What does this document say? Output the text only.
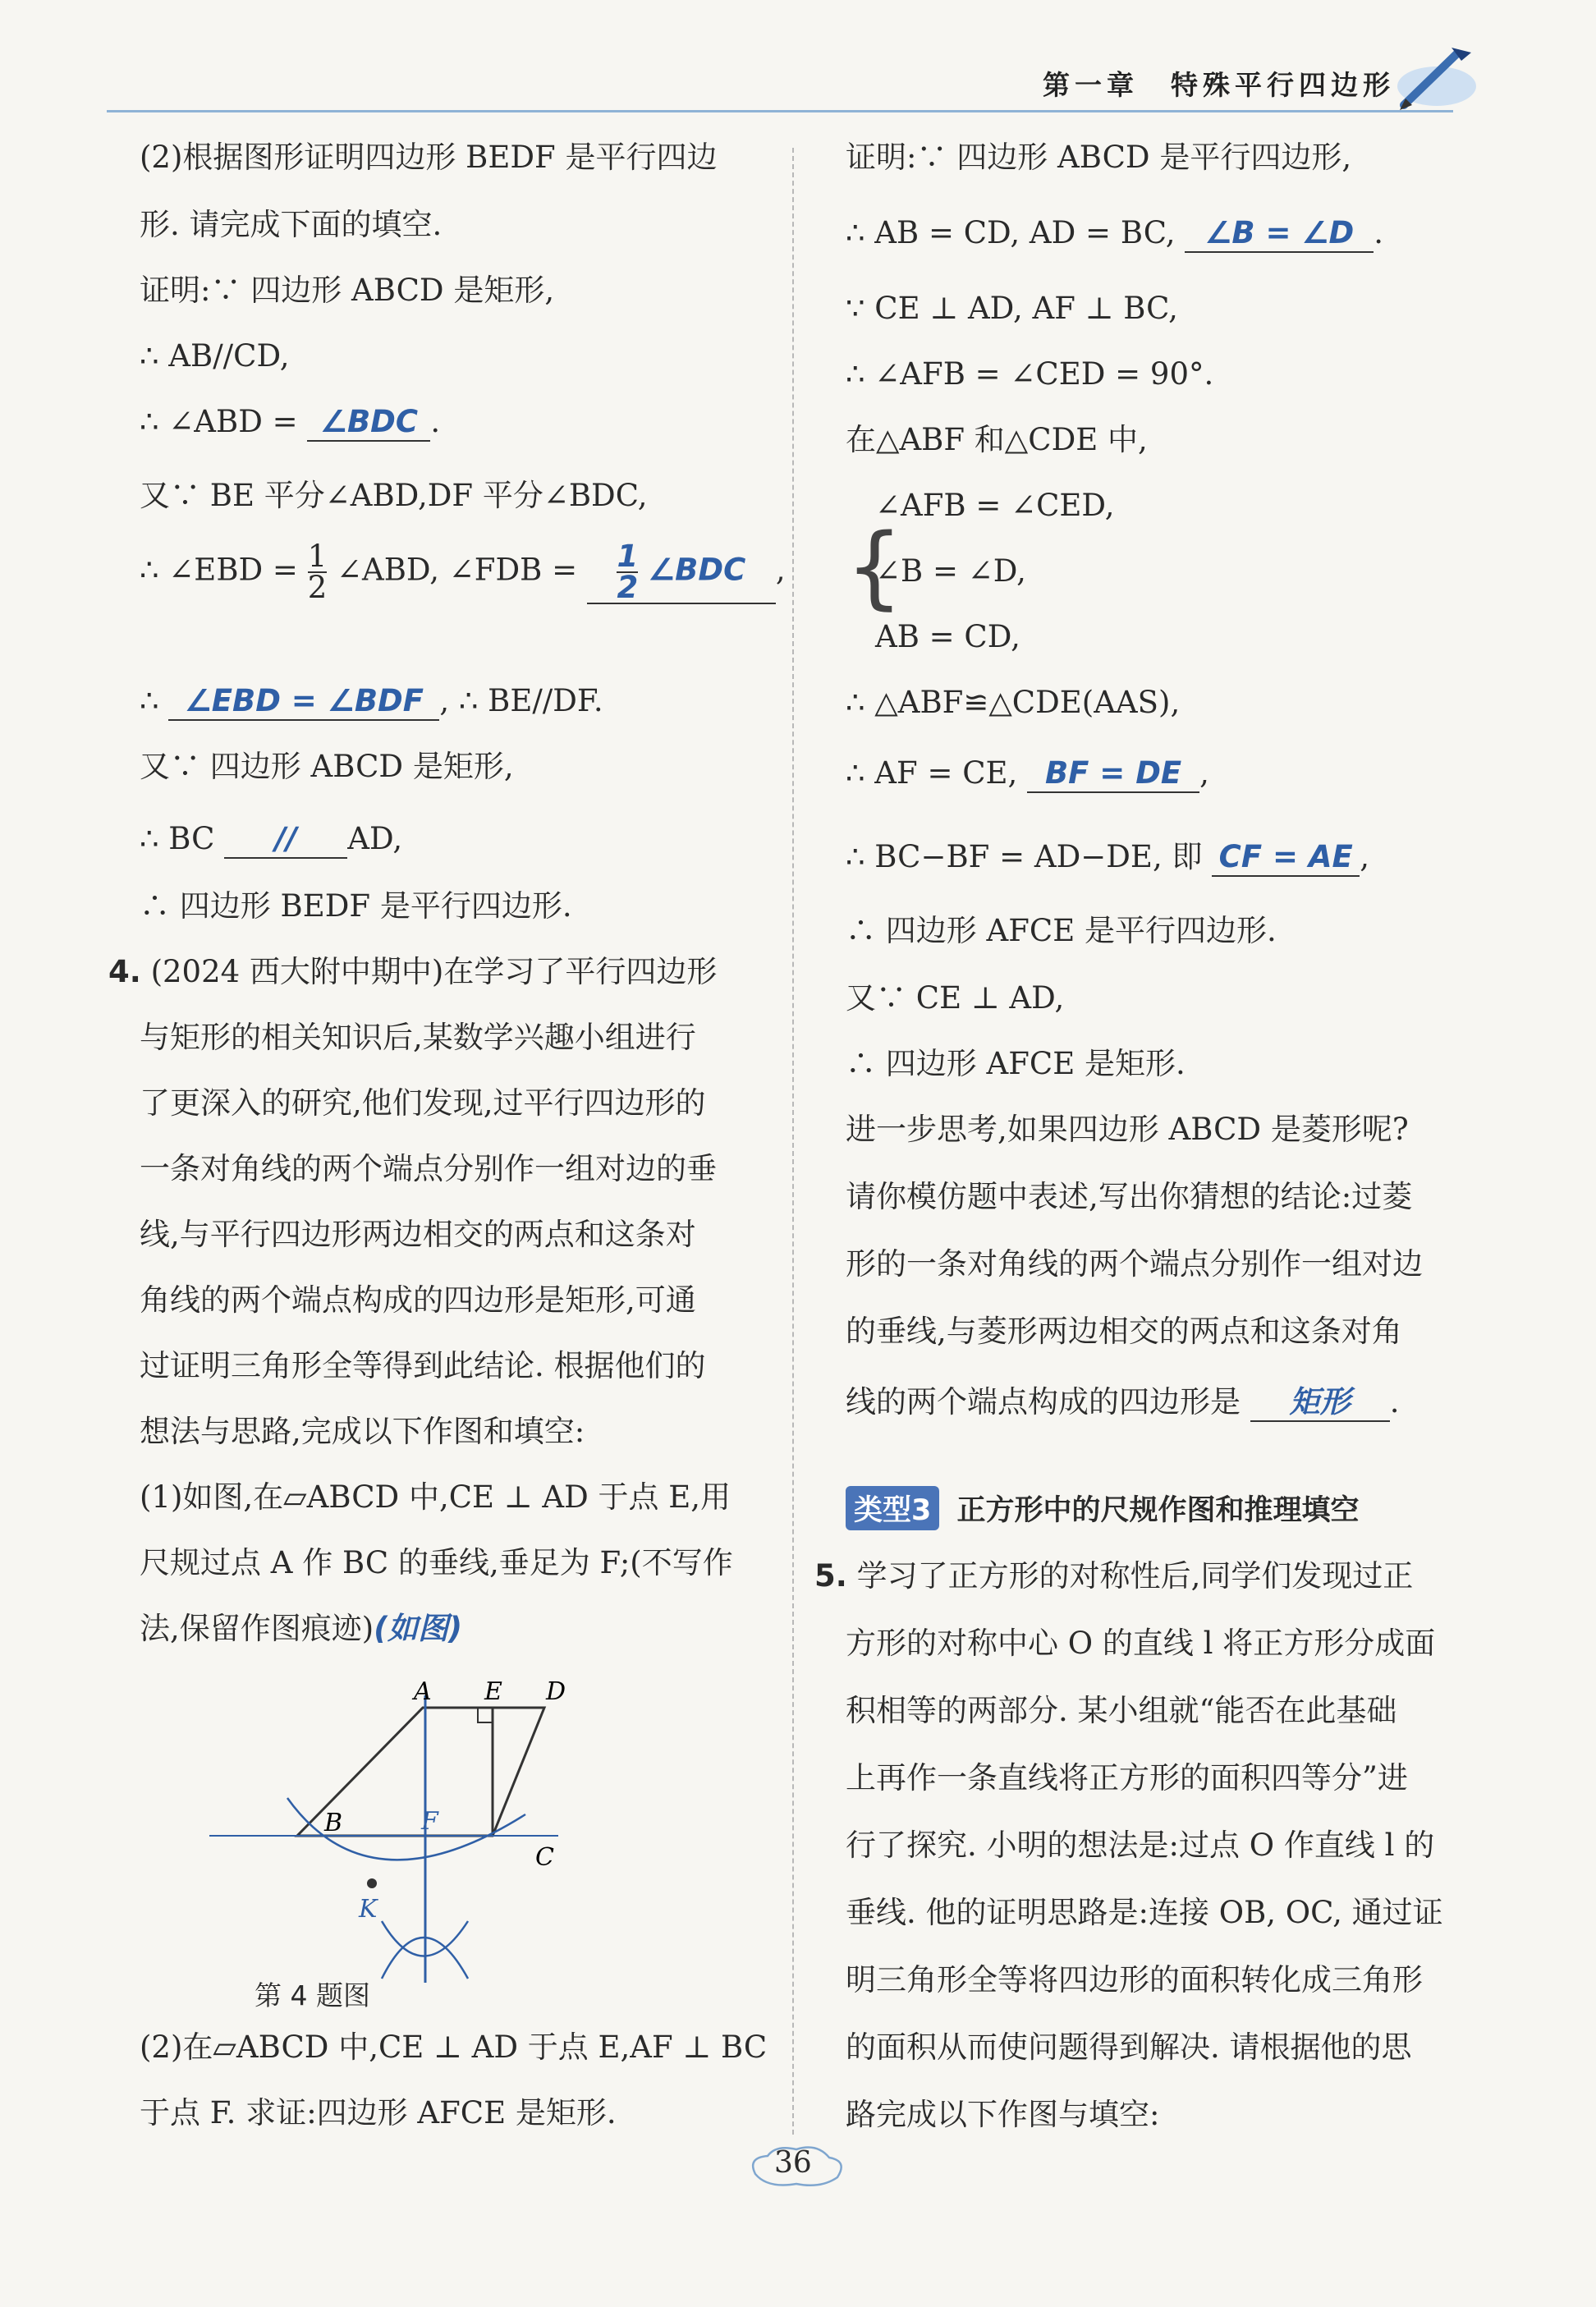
第一章　特殊平行四边形
(2)根据图形证明四边形 BEDF 是平行四边
形. 请完成下面的填空.
证明:∵ 四边形 ABCD 是矩形,
∴ AB//CD,
∴ ∠ABD = ∠BDC .
又∵ BE 平分∠ABD,DF 平分∠BDC,
∴ ∠EBD = $\frac{1}{2}$ ∠ABD, ∠FDB = $\frac{1}{2}$ ∠BDC ,
∴ ∠EBD = ∠BDF , ∴ BE//DF.
又∵ 四边形 ABCD 是矩形,
∴ BC // AD,
∴ 四边形 BEDF 是平行四边形.
4. (2024 西大附中期中)在学习了平行四边形
与矩形的相关知识后,某数学兴趣小组进行
了更深入的研究,他们发现,过平行四边形的
一条对角线的两个端点分别作一组对边的垂
线,与平行四边形两边相交的两点和这条对
角线的两个端点构成的四边形是矩形,可通
过证明三角形全等得到此结论. 根据他们的
想法与思路,完成以下作图和填空:
(1)如图,在▱ABCD 中,CE ⊥ AD 于点 E,用
尺规过点 A 作 BC 的垂线,垂足为 F;(不写作
法,保留作图痕迹)(如图)
(2)在▱ABCD 中,CE ⊥ AD 于点 E,AF ⊥ BC
于点 F. 求证:四边形 AFCE 是矩形.
A E D
B	F
C
K
第 4 题图
证明:∵ 四边形 ABCD 是平行四边形,
∴ AB = CD, AD = BC, ∠B = ∠D .
∵ CE ⊥ AD, AF ⊥ BC,
∴ ∠AFB = ∠CED = 90°.
在△ABF 和△CDE 中,
{
∠AFB = ∠CED,
∠B = ∠D,
AB = CD,
∴ △ABF≌△CDE(AAS),
∴ AF = CE, BF = DE ,
∴ BC−BF = AD−DE, 即 CF = AE ,
∴ 四边形 AFCE 是平行四边形.
又∵ CE ⊥ AD,
∴ 四边形 AFCE 是矩形.
进一步思考,如果四边形 ABCD 是菱形呢?
请你模仿题中表述,写出你猜想的结论:过菱
形的一条对角线的两个端点分别作一组对边
的垂线,与菱形两边相交的两点和这条对角
线的两个端点构成的四边形是 矩形 .
类型3 正方形中的尺规作图和推理填空
5. 学习了正方形的对称性后,同学们发现过正
方形的对称中心 O 的直线 l 将正方形分成面
积相等的两部分. 某小组就“能否在此基础
上再作一条直线将正方形的面积四等分”进
行了探究. 小明的想法是:过点 O 作直线 l 的
垂线. 他的证明思路是:连接 OB, OC, 通过证
明三角形全等将四边形的面积转化成三角形
的面积从而使问题得到解决. 请根据他的思
路完成以下作图与填空:
36
